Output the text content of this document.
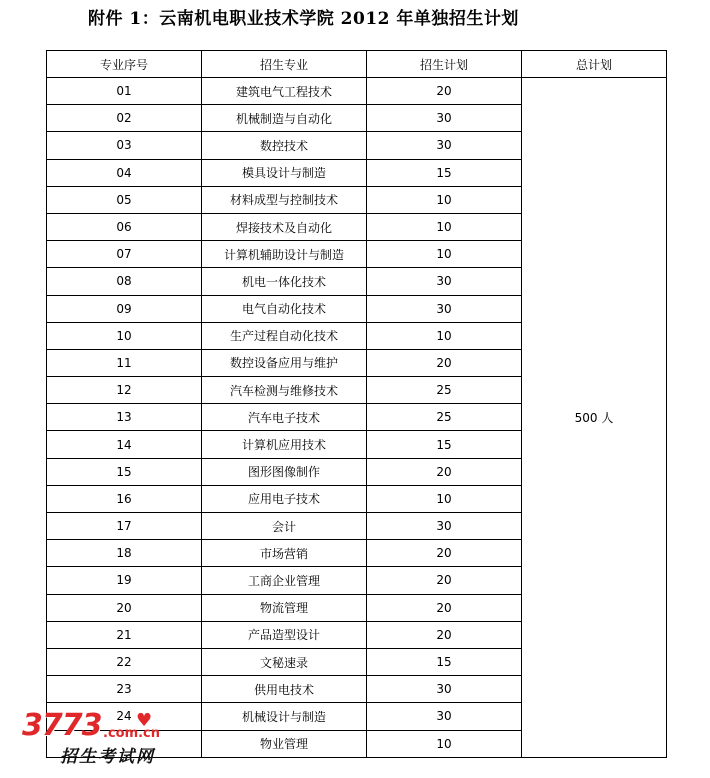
附件 1：云南机电职业技术学院 2012 年单独招生计划
专业序号	招生专业	招生计划	总计划
01	建筑电气工程技术	20	500 人
02	机械制造与自动化	30	
03	数控技术	30	
04	模具设计与制造	15	
05	材料成型与控制技术	10	
06	焊接技术及自动化	10	
07	计算机辅助设计与制造	10	
08	机电一体化技术	30	
09	电气自动化技术	30	
10	生产过程自动化技术	10	
11	数控设备应用与维护	20	
12	汽车检测与维修技术	25	
13	汽车电子技术	25	
14	计算机应用技术	15	
15	图形图像制作	20	
16	应用电子技术	10	
17	会计	30	
18	市场营销	20	
19	工商企业管理	20	
20	物流管理	20	
21	产品造型设计	20	
22	文秘速录	15	
23	供用电技术	30	
24	机械设计与制造	30	
	物业管理	10	
3773 ♥
.com.cn
招生考试网
